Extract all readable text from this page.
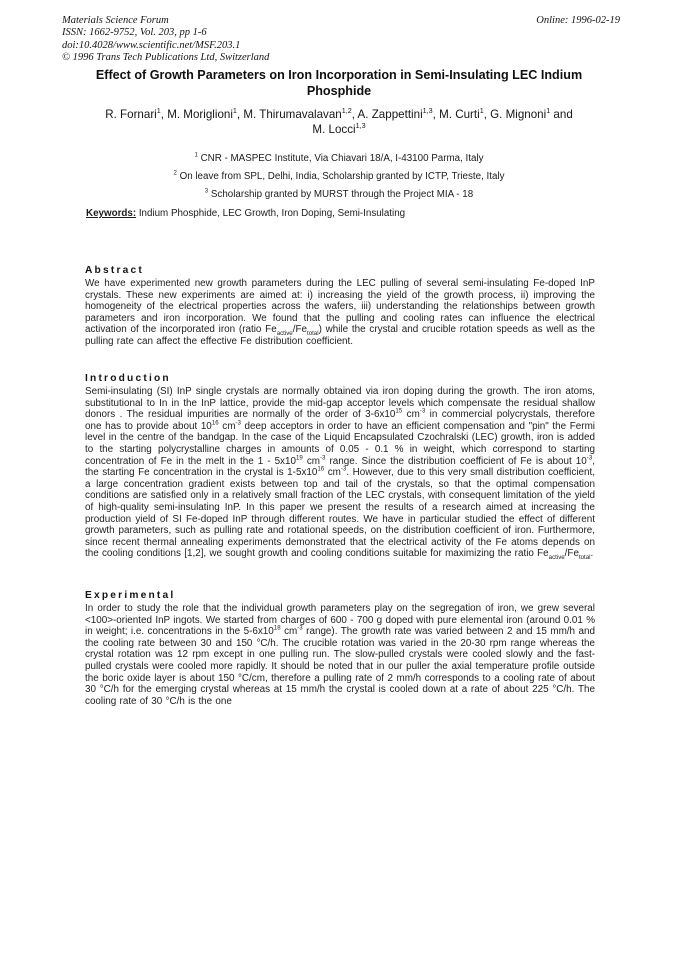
Materials Science Forum
ISSN: 1662-9752, Vol. 203, pp 1-6
doi:10.4028/www.scientific.net/MSF.203.1
© 1996 Trans Tech Publications Ltd, Switzerland
Online: 1996-02-19
Effect of Growth Parameters on Iron Incorporation in Semi-Insulating LEC Indium Phosphide
R. Fornari$^1$, M. Moriglioni$^1$, M. Thirumavalavan$^{1,2}$, A. Zappettini$^{1,3}$, M. Curti$^1$, G. Mignoni$^1$ and M. Locci$^{1,3}$
$^1$ CNR - MASPEC Institute, Via Chiavari 18/A, I-43100 Parma, Italy
$^2$ On leave from SPL, Delhi, India, Scholarship granted by ICTP, Trieste, Italy
$^3$ Scholarship granted by MURST through the Project MIA - 18
Keywords: Indium Phosphide, LEC Growth, Iron Doping, Semi-Insulating
Abstract
We have experimented new growth parameters during the LEC pulling of several semi-insulating Fe-doped InP crystals. These new experiments are aimed at: i) increasing the yield of the growth process, ii) improving the homogeneity of the electrical properties across the wafers, iii) understanding the relationships between growth parameters and iron incorporation. We found that the pulling and cooling rates can influence the electrical activation of the incorporated iron (ratio $Fe_{active}/Fe_{total}$) while the crystal and crucible rotation speeds as well as the pulling rate can affect the effective Fe distribution coefficient.
Introduction
Semi-insulating (SI) InP single crystals are normally obtained via iron doping during the growth. The iron atoms, substitutional to In in the InP lattice, provide the mid-gap acceptor levels which compensate the residual shallow donors . The residual impurities are normally of the order of $3-6x10^{15}$ $cm^{-3}$ in commercial polycrystals, therefore one has to provide about $10^{16}$ $cm^{-3}$ deep acceptors in order to have an efficient compensation and "pin" the Fermi level in the centre of the bandgap. In the case of the Liquid Encapsulated Czochralski (LEC) growth, iron is added to the starting polycrystalline charges in amounts of 0.05 - 0.1 % in weight, which correspond to starting concentration of Fe in the melt in the $1 - 5x10^{19}$ $cm^{-3}$ range. Since the distribution coefficient of Fe is about $10^{-3}$, the starting Fe concentration in the crystal is $1-5x10^{16}$ $cm^{-3}$. However, due to this very small distribution coefficient, a large concentration gradient exists between top and tail of the crystals, so that the optimal compensation conditions are satisfied only in a relatively small fraction of the LEC crystals, with consequent limitation of the yield of high-quality semi-insulating InP. In this paper we present the results of a research aimed at increasing the production yield of SI Fe-doped InP through different routes. We have in particular studied the effect of different growth parameters, such as pulling rate and rotational speeds, on the distribution coefficient of iron. Furthermore, since recent thermal annealing experiments demonstrated that the electrical activity of the Fe atoms depends on the cooling conditions [1,2], we sought growth and cooling conditions suitable for maximizing the ratio $Fe_{active}/Fe_{total}$.
Experimental
In order to study the role that the individual growth parameters play on the segregation of iron, we grew several <100>-oriented InP ingots. We started from charges of 600 - 700 g doped with pure elemental iron (around 0.01 % in weight; i.e. concentrations in the $5-6x10^{18}$ $cm^{-3}$ range). The growth rate was varied between 2 and 15 mm/h and the cooling rate between 30 and 150 °C/h. The crucible rotation was varied in the 20-30 rpm range whereas the crystal rotation was 12 rpm except in one pulling run. The slow-pulled crystals were cooled slowly and the fast-pulled crystals were cooled more rapidly. It should be noted that in our puller the axial temperature profile outside the boric oxide layer is about 150 °C/cm, therefore a pulling rate of 2 mm/h corresponds to a cooling rate of about 30 °C/h for the emerging crystal whereas at 15 mm/h the crystal is cooled down at a rate of about 225 °C/h. The cooling rate of 30 °C/h is the one
